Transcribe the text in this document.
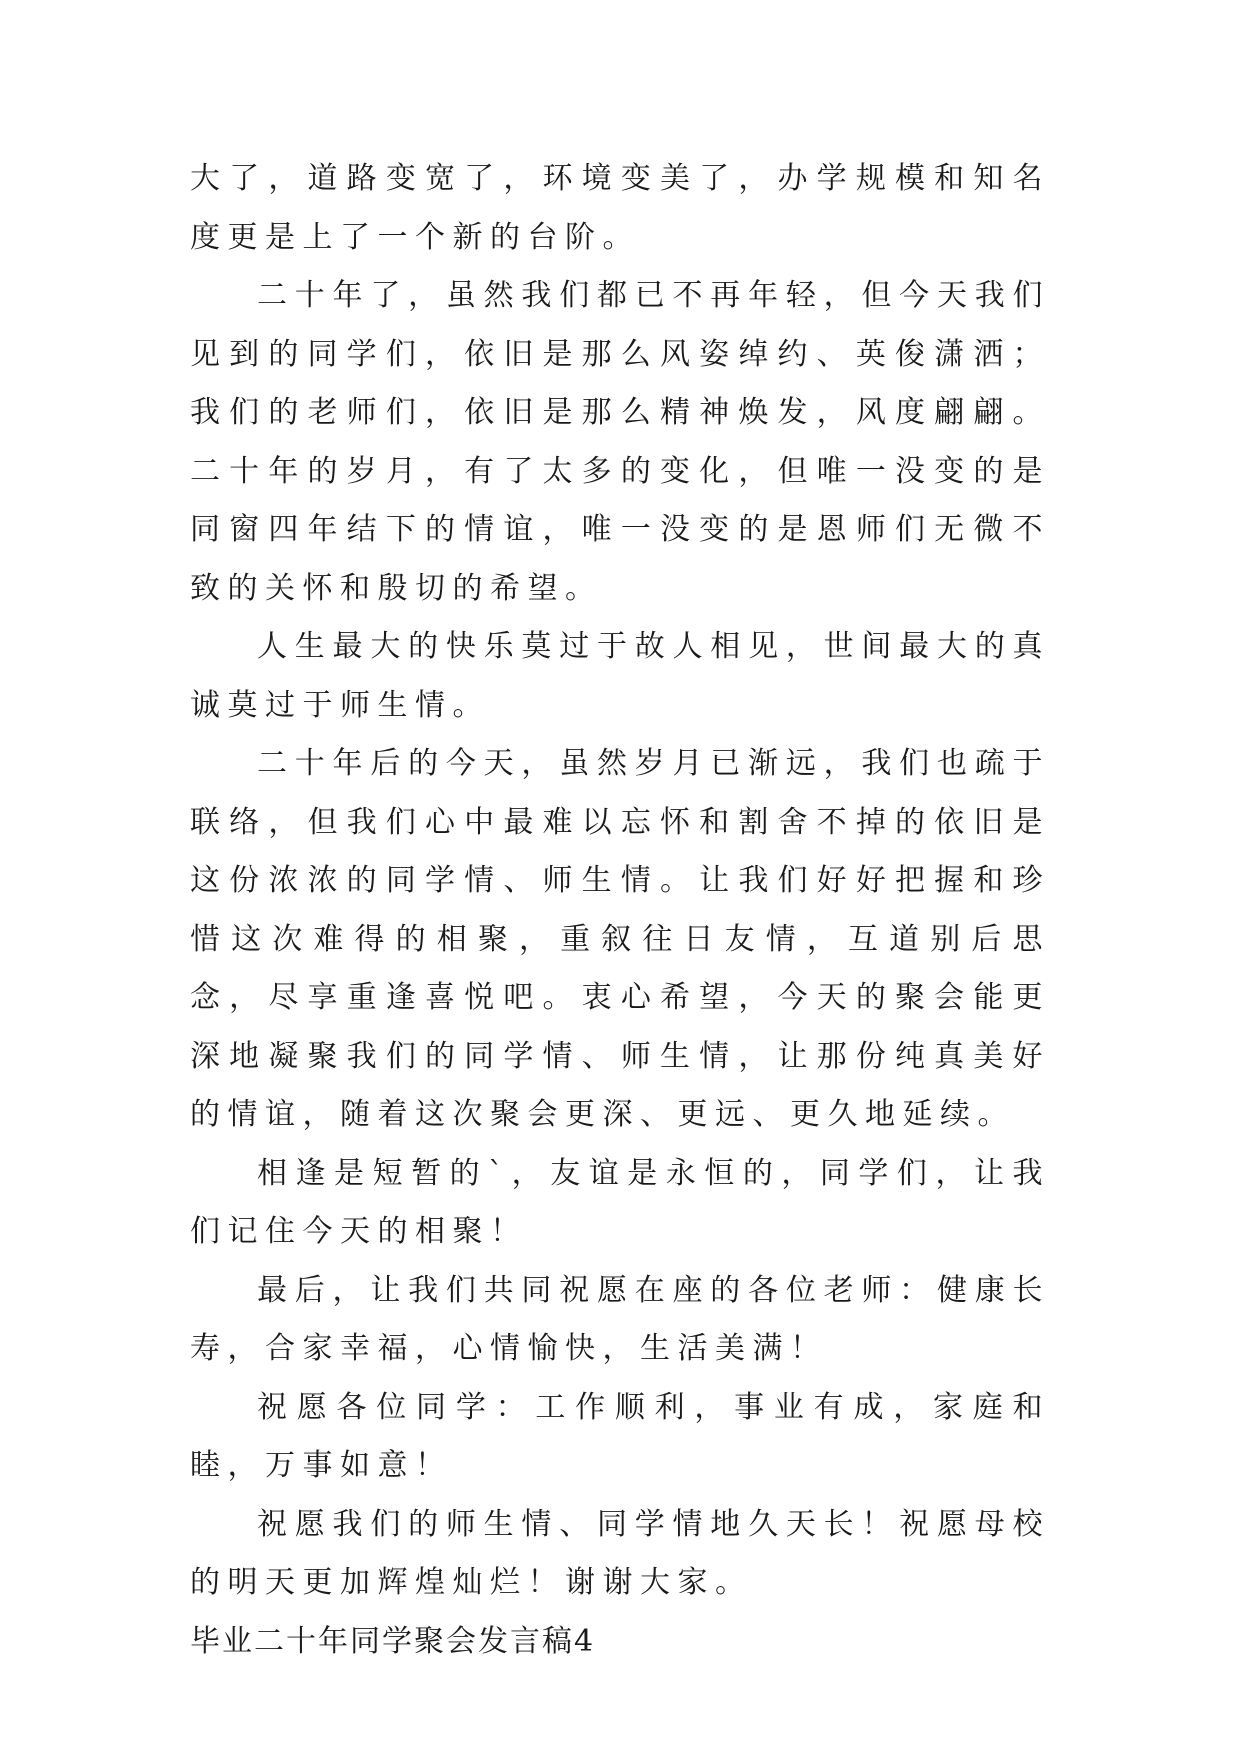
大了，道路变宽了，环境变美了，办学规模和知名度更是上了一个新的台阶。

二十年了，虽然我们都已不再年轻，但今天我们见到的同学们，依旧是那么风姿绰约、英俊潇洒；我们的老师们，依旧是那么精神焕发，风度翩翩。二十年的岁月，有了太多的变化，但唯一没变的是同窗四年结下的情谊，唯一没变的是恩师们无微不致的关怀和殷切的希望。

人生最大的快乐莫过于故人相见，世间最大的真诚莫过于师生情。

二十年后的今天，虽然岁月已渐远，我们也疏于联络，但我们心中最难以忘怀和割舍不掉的依旧是这份浓浓的同学情、师生情。让我们好好把握和珍惜这次难得的相聚，重叙往日友情，互道别后思念，尽享重逢喜悦吧。衷心希望，今天的聚会能更深地凝聚我们的同学情、师生情，让那份纯真美好的情谊，随着这次聚会更深、更远、更久地延续。

相逢是短暂的`，友谊是永恒的，同学们，让我们记住今天的相聚！

最后，让我们共同祝愿在座的各位老师：健康长寿，合家幸福，心情愉快，生活美满！

祝愿各位同学：工作顺利，事业有成，家庭和睦，万事如意！

祝愿我们的师生情、同学情地久天长！祝愿母校的明天更加辉煌灿烂！谢谢大家。

毕业二十年同学聚会发言稿4
